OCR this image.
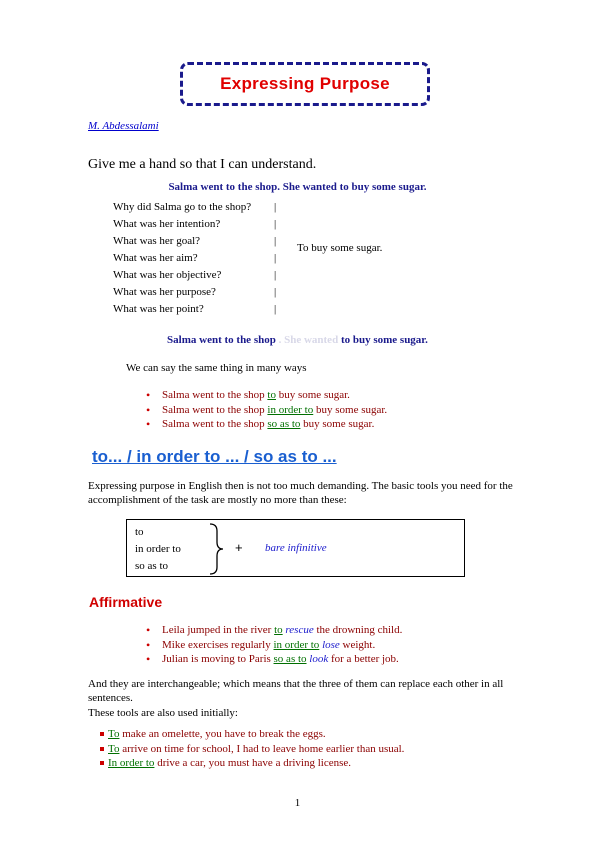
Expressing Purpose
M. Abdessalami
Give me a hand so that I can understand.
Salma went to the shop. She wanted to buy some sugar.
Why did Salma go to the shop?
What was her intention?
What was her goal?
What was her aim?
What was her objective?
What was her purpose?
What was her point?
|
|
|
|
|
|
|
To buy some sugar.
Salma went to the shop . She wanted to buy some sugar.
We can say the same thing in many ways
• Salma went to the shop to buy some sugar.
• Salma went to the shop in order to buy some sugar.
• Salma went to the shop so as to buy some sugar.
to... / in order to ... / so as to ...
Expressing purpose in English then is not too much demanding. The basic tools you need for the accomplishment of the task are mostly no more than these:
to
in order to
so as to
+ bare infinitive
Affirmative
• Leila jumped in the river to rescue the drowning child.
• Mike exercises regularly in order to lose weight.
• Julian is moving to Paris so as to look for a better job.
And they are interchangeable; which means that the three of them can replace each other in all sentences.
These tools are also used initially:
To make an omelette, you have to break the eggs.
To arrive on time for school, I had to leave home earlier than usual.
In order to drive a car, you must have a driving license.
1
